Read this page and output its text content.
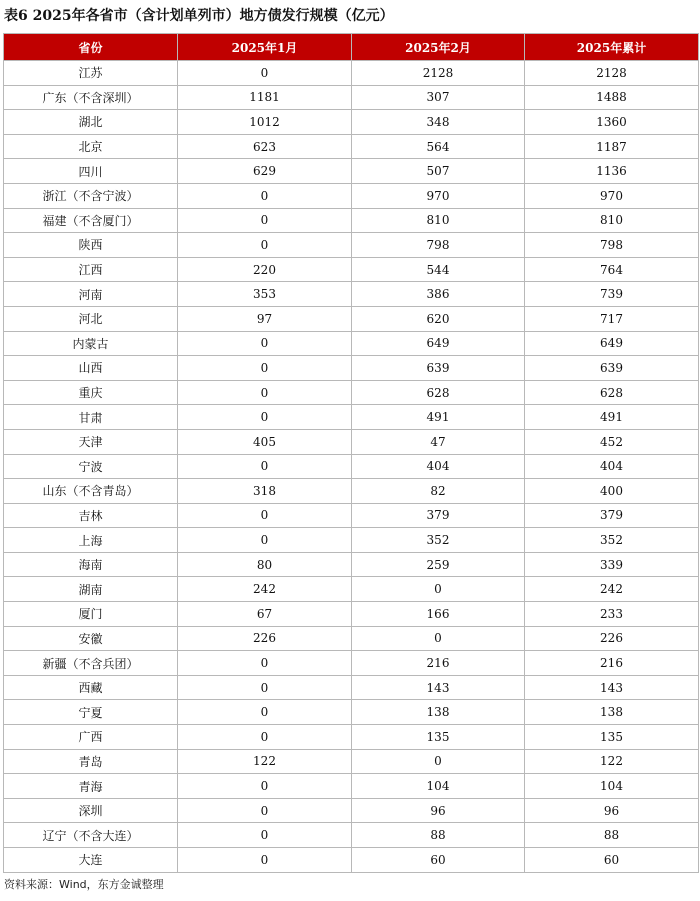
表6 2025年各省市（含计划单列市）地方债发行规模（亿元）
省份	2025年1月	2025年2月	2025年累计
江苏	0	2128	2128
广东（不含深圳）	1181	307	1488
湖北	1012	348	1360
北京	623	564	1187
四川	629	507	1136
浙江（不含宁波）	0	970	970
福建（不含厦门）	0	810	810
陕西	0	798	798
江西	220	544	764
河南	353	386	739
河北	97	620	717
内蒙古	0	649	649
山西	0	639	639
重庆	0	628	628
甘肃	0	491	491
天津	405	47	452
宁波	0	404	404
山东（不含青岛）	318	82	400
吉林	0	379	379
上海	0	352	352
海南	80	259	339
湖南	242	0	242
厦门	67	166	233
安徽	226	0	226
新疆（不含兵团）	0	216	216
西藏	0	143	143
宁夏	0	138	138
广西	0	135	135
青岛	122	0	122
青海	0	104	104
深圳	0	96	96
辽宁（不含大连）	0	88	88
大连	0	60	60
资料来源：Wind，东方金诚整理
